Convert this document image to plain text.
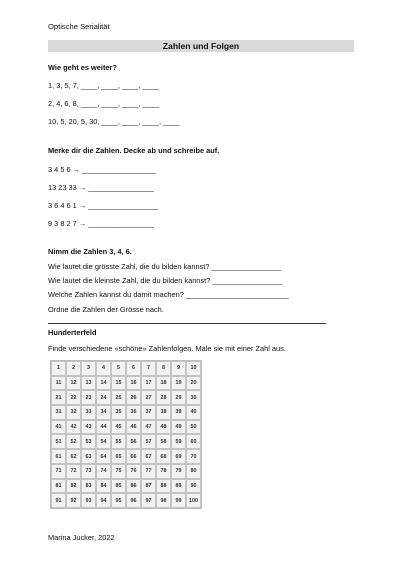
Optische Serialität
Zahlen und Folgen
Wie geht es weiter?
1, 3, 5, 7, ____, ____, ____, ____
2, 4, 6, 8, ____, ____, ____, ____
10, 5, 20, 5, 30, ____, ____, ____, ____
Merke dir die Zahlen. Decke ab und schreibe auf.
3 4 5 6 → __________________
13 23 33 → ________________
3 6 4 6 1 → _________________
9 3 8 2 7 → ________________
Nimm die Zahlen 3, 4, 6.
Wie lautet die grösste Zahl, die du bilden kannst? _________________
Wie lautet die kleinste Zahl, die du bilden kannst? _________________
Welche Zahlen kannst du damit machen? _________________________
Ordne die Zahlen der Grösse nach.
Hunderterfeld
Finde verschiedene «schöne» Zahlenfolgen. Male sie mit einer Zahl aus.
1	2	3	4	5	6	7	8	9	10
11	12	13	14	15	16	17	18	19	20
21	22	23	24	25	26	27	28	29	30
31	32	33	34	35	36	37	38	39	40
41	42	43	44	45	46	47	48	49	50
51	52	53	54	55	56	57	58	59	60
61	62	63	64	65	66	67	68	69	70
71	72	73	74	75	76	77	78	79	80
81	82	83	84	85	86	87	88	89	90
91	92	93	94	95	96	97	98	99	100
Marina Jucker, 2022
